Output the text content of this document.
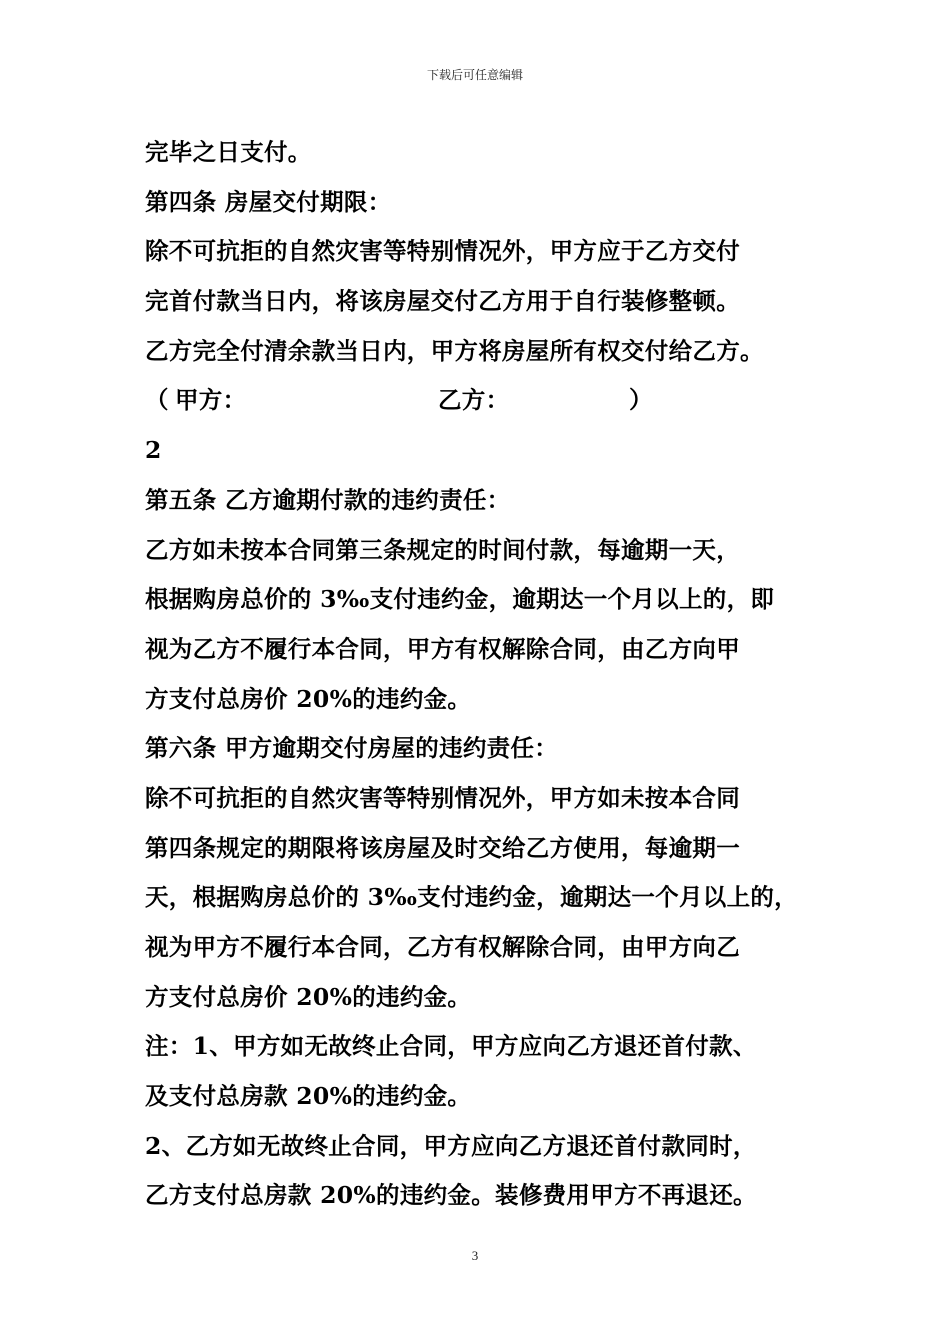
下载后可任意编辑
完毕之日支付。
第四条 房屋交付期限：
除不可抗拒的自然灾害等特别情况外，甲方应于乙方交付
完首付款当日内，将该房屋交付乙方用于自行装修整顿。
乙方完全付清余款当日内，甲方将房屋所有权交付给乙方。
（ 甲方：	乙方：	）
2
第五条 乙方逾期付款的违约责任：
乙方如未按本合同第三条规定的时间付款，每逾期一天，
根据购房总价的 3‰支付违约金，逾期达一个月以上的，即
视为乙方不履行本合同，甲方有权解除合同，由乙方向甲
方支付总房价 20%的违约金。
第六条 甲方逾期交付房屋的违约责任：
除不可抗拒的自然灾害等特别情况外，甲方如未按本合同
第四条规定的期限将该房屋及时交给乙方使用，每逾期一
天，根据购房总价的 3‰支付违约金，逾期达一个月以上的，
视为甲方不履行本合同，乙方有权解除合同，由甲方向乙
方支付总房价 20%的违约金。
注：1、甲方如无故终止合同，甲方应向乙方退还首付款、
及支付总房款 20%的违约金。
2、乙方如无故终止合同，甲方应向乙方退还首付款同时，
乙方支付总房款 20%的违约金。装修费用甲方不再退还。
3
